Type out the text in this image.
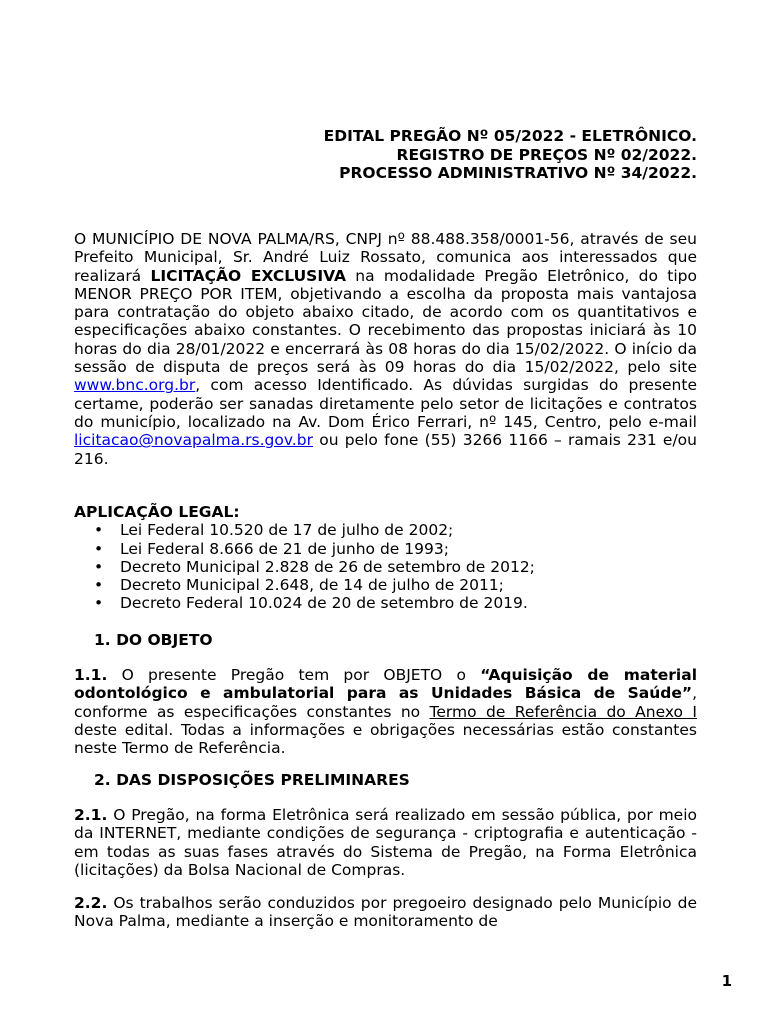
EDITAL PREGÃO Nº 05/2022 - ELETRÔNICO.
REGISTRO DE PREÇOS Nº 02/2022.
PROCESSO ADMINISTRATIVO Nº 34/2022.

O MUNICÍPIO DE NOVA PALMA/RS, CNPJ nº 88.488.358/0001-56, através de seu Prefeito Municipal, Sr. André Luiz Rossato, comunica aos interessados que realizará LICITAÇÃO EXCLUSIVA na modalidade Pregão Eletrônico, do tipo MENOR PREÇO POR ITEM, objetivando a escolha da proposta mais vantajosa para contratação do objeto abaixo citado, de acordo com os quantitativos e especificações abaixo constantes. O recebimento das propostas iniciará às 10 horas do dia 28/01/2022 e encerrará às 08 horas do dia 15/02/2022. O início da sessão de disputa de preços será às 09 horas do dia 15/02/2022, pelo site www.bnc.org.br, com acesso Identificado. As dúvidas surgidas do presente certame, poderão ser sanadas diretamente pelo setor de licitações e contratos do município, localizado na Av. Dom Érico Ferrari, nº 145, Centro, pelo e-mail licitacao@novapalma.rs.gov.br ou pelo fone (55) 3266 1166 – ramais 231 e/ou 216.

APLICAÇÃO LEGAL:

• Lei Federal 10.520 de 17 de julho de 2002;
• Lei Federal 8.666 de 21 de junho de 1993;
• Decreto Municipal 2.828 de 26 de setembro de 2012;
• Decreto Municipal 2.648, de 14 de julho de 2011;
• Decreto Federal 10.024 de 20 de setembro de 2019.

1. DO OBJETO

1.1. O presente Pregão tem por OBJETO o “Aquisição de material odontológico e ambulatorial para as Unidades Básica de Saúde”, conforme as especificações constantes no Termo de Referência do Anexo I deste edital. Todas a informações e obrigações necessárias estão constantes neste Termo de Referência.

2. DAS DISPOSIÇÕES PRELIMINARES

2.1. O Pregão, na forma Eletrônica será realizado em sessão pública, por meio da INTERNET, mediante condições de segurança - criptografia e autenticação - em todas as suas fases através do Sistema de Pregão, na Forma Eletrônica (licitações) da Bolsa Nacional de Compras.

2.2. Os trabalhos serão conduzidos por pregoeiro designado pelo Município de Nova Palma, mediante a inserção e monitoramento de

1
